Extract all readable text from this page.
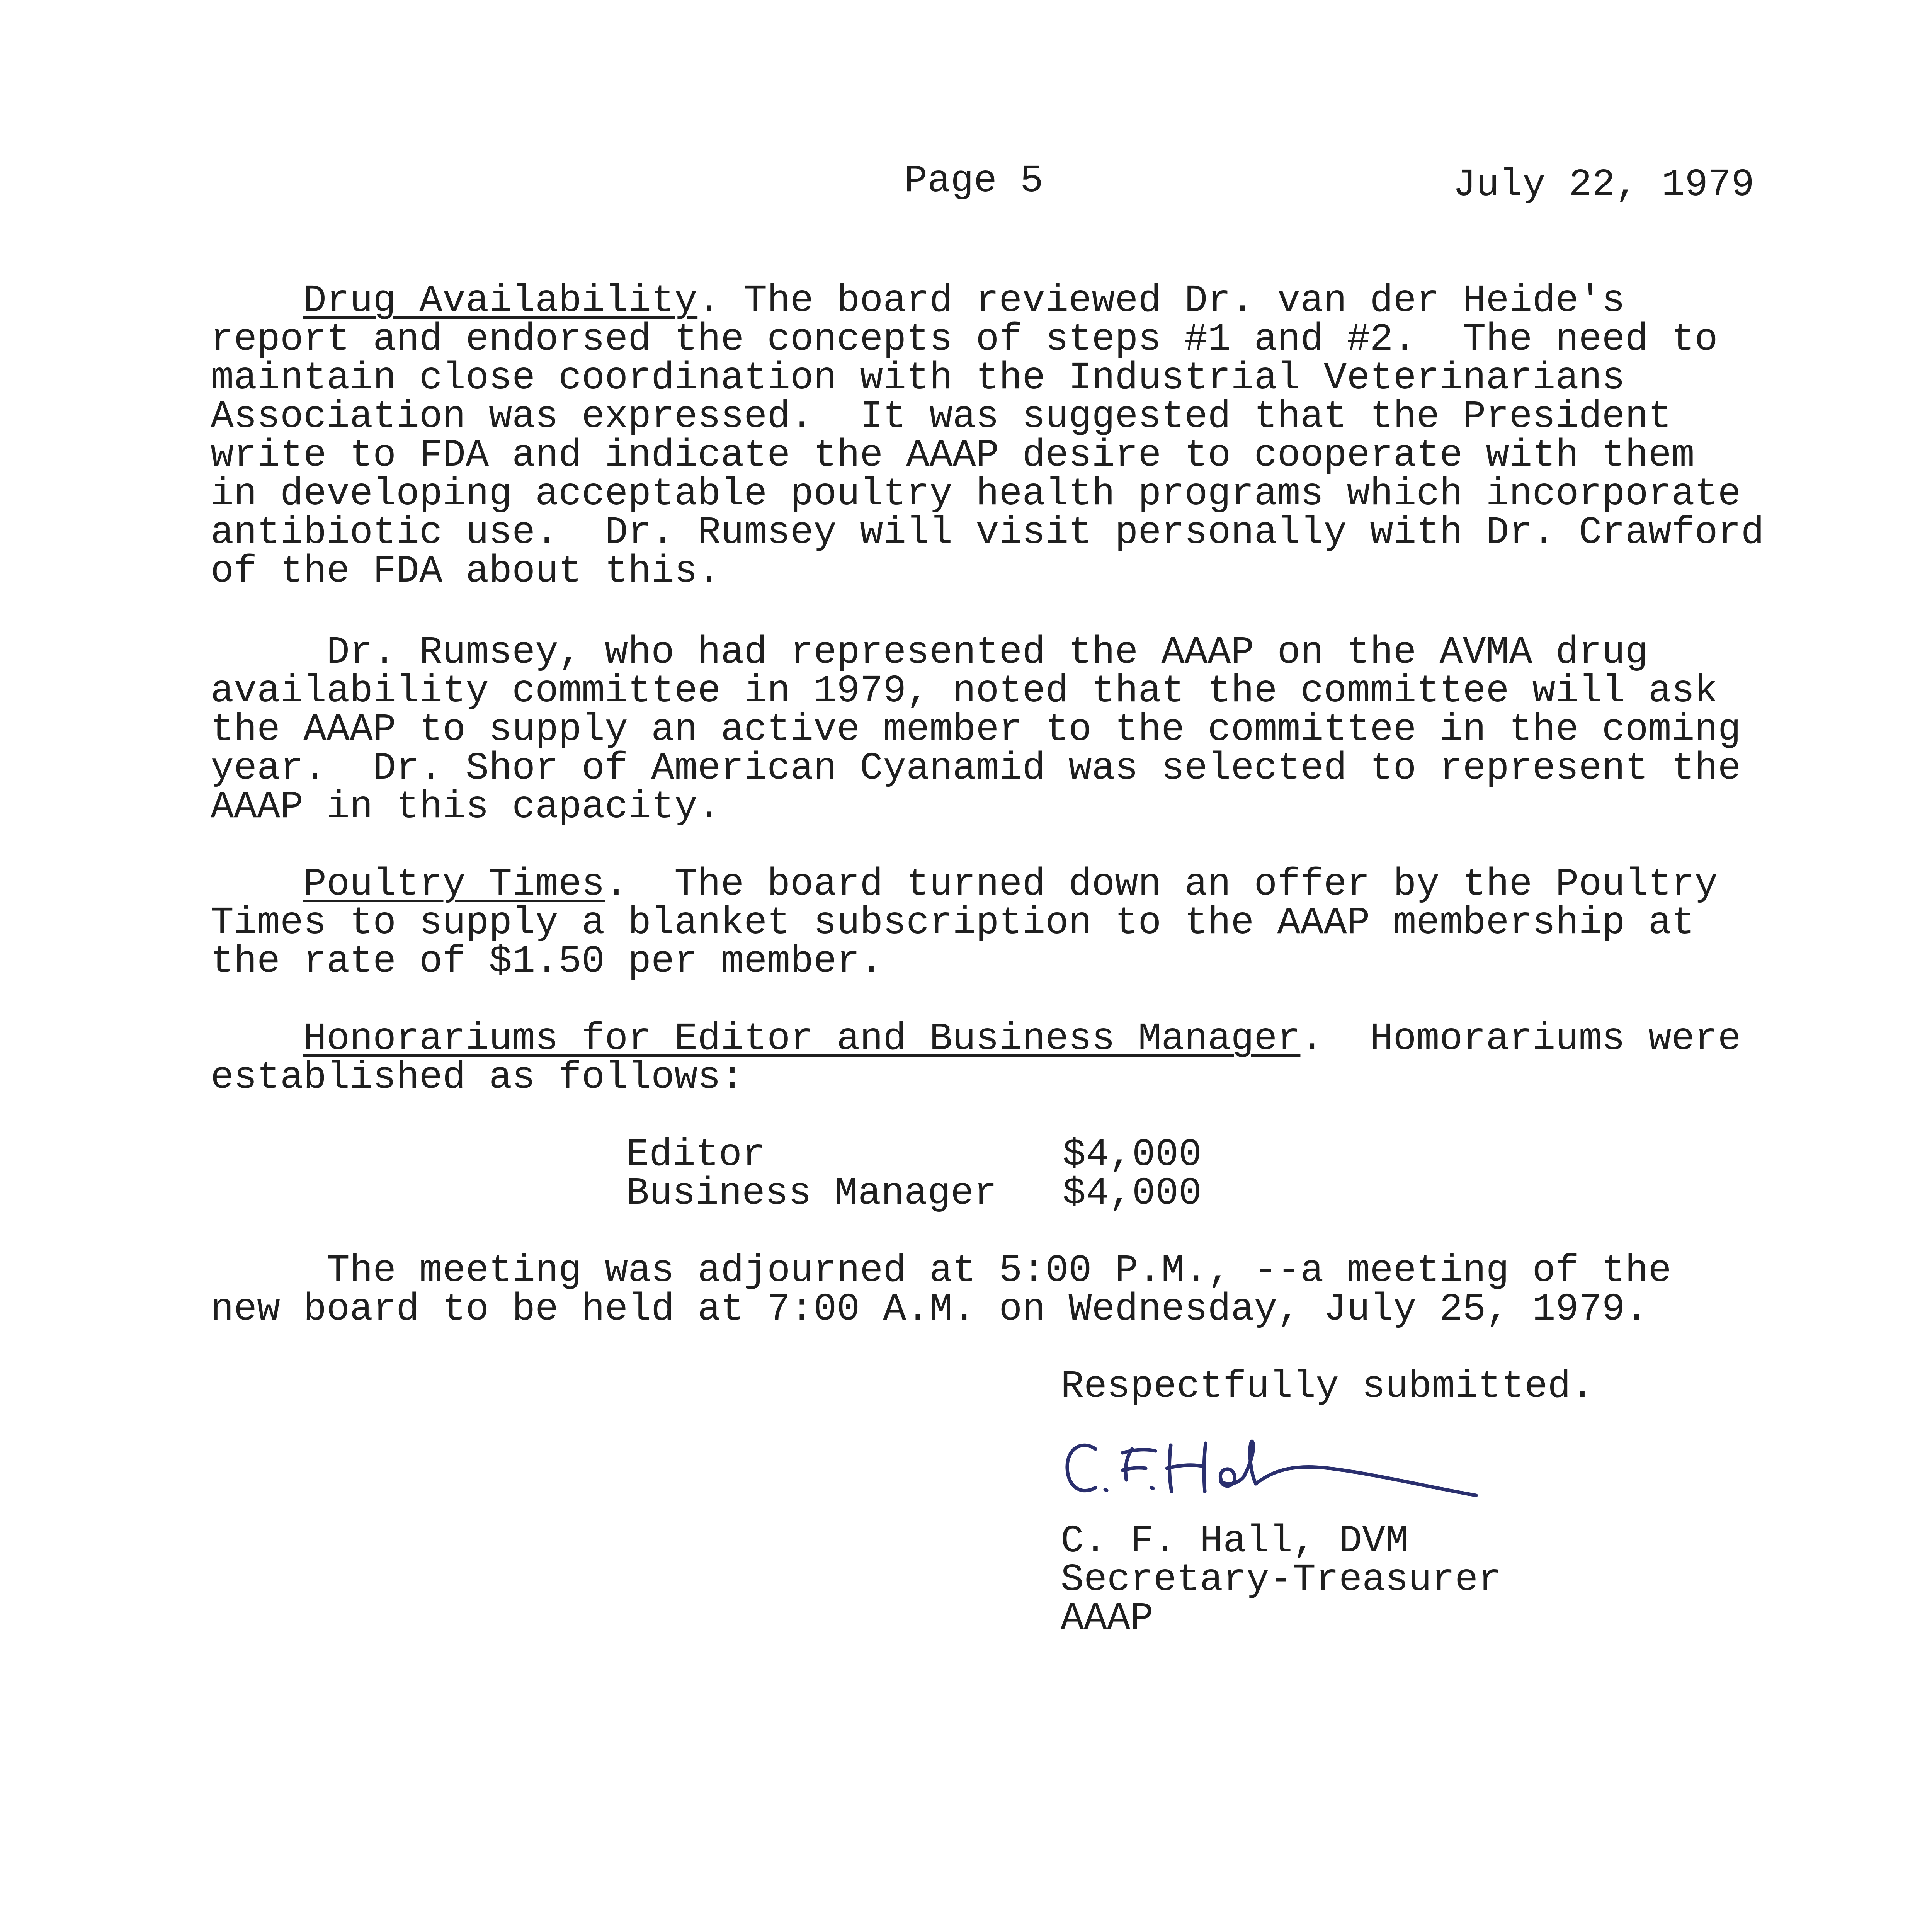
Page 5	July 22, 1979
Drug Availability. The board reviewed Dr. van der Heide's
report and endorsed the concepts of steps #1 and #2.  The need to
maintain close coordination with the Industrial Veterinarians
Association was expressed.  It was suggested that the President
write to FDA and indicate the AAAP desire to cooperate with them
in developing acceptable poultry health programs which incorporate
antibiotic use.  Dr. Rumsey will visit personally with Dr. Crawford
of the FDA about this.
Dr. Rumsey, who had represented the AAAP on the AVMA drug
availability committee in 1979, noted that the committee will ask
the AAAP to supply an active member to the committee in the coming
year.  Dr. Shor of American Cyanamid was selected to represent the
AAAP in this capacity.
Poultry Times.  The board turned down an offer by the Poultry
Times to supply a blanket subscription to the AAAP membership at
the rate of $1.50 per member.
Honorariums for Editor and Business Manager.  Homorariums were
established as follows:
Editor	$4,000
Business Manager $4,000
The meeting was adjourned at 5:00 P.M., --a meeting of the
new board to be held at 7:00 A.M. on Wednesday, July 25, 1979.
Respectfully submitted.
C. F. Hall, DVM
Secretary-Treasurer
AAAP
